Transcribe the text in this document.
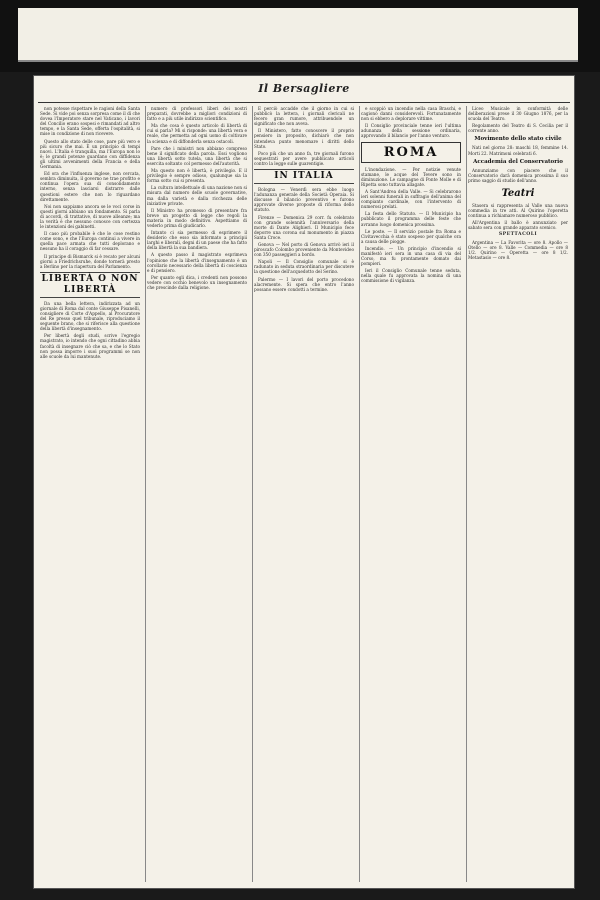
Il Bersagliere

non potesse rispettare le ragioni della Santa Sede. Si vide poi senza sorpresa come il dì che dovea l'Imperatore stare nel Vaticano, i lavori del Concilio erano sospesi e rimandati ad altro tempo, e la Santa Sede, offerta l'ospitalità, si mise in condizione di non ricevere.

Questo allo stato delle cose, pare più vero e più sicuro che mai. È un principio di tempi nuovi. L'Italia è tranquilla, ma l'Europa non lo è; le grandi potenze guardano con diffidenza gli ultimi avvenimenti della Francia e della Germania.

Ed ora che l'influenza inglese, non cercata, sembra diminuita, il governo ne trae profitto e continua l'opera sua di consolidamento interno, senza lasciarsi distrarre dalle questioni estere che non lo riguardano direttamente.

Noi non sappiamo ancora se le voci corse in questi giorni abbiano un fondamento. Si parla di accordi, di trattative, di nuove alleanze; ma la verità è che nessuno conosce con certezza le intenzioni dei gabinetti.

Il caso più probabile è che le cose restino come sono, e che l'Europa continui a vivere in quella pace armata che tutti deplorano e nessuno ha il coraggio di far cessare.

Il principe di Bismarck si è recato per alcuni giorni a Friedrichsruhe, donde tornerà presto a Berlino per la riapertura del Parlamento.

LIBERTÀ O NON LIBERTÀ

Da una bella lettera, indirizzata ad un giornale di Roma dal conte Giuseppe Pisanelli, consigliere di Corte d'Appello, al Procuratore del Re presso quel tribunale, riproduciamo il seguente brano, che si riferisce alla questione della libertà d'insegnamento.

Per libertà degli studi, scrive l'egregio magistrato, io intendo che ogni cittadino abbia facoltà di insegnare ciò che sa, e che lo Stato non possa imporre i suoi programmi se non alle scuole da lui mantenute.

numero di professori liberi dei nostri preparati, dovrebbe a migliori condizioni di fatto e a più utile indirizzo scientifico.

Ma che cosa è questo articolo di libertà di cui si parla? Mi si risponde: una libertà vera e reale, che permetta ad ogni uomo di coltivare la scienza e di diffonderla senza ostacoli.

Pare che i ministri non abbiano compreso bene il significato della parola. Essi vogliono una libertà sotto tutela, una libertà che si esercita soltanto col permesso dell'autorità.

Ma questo non è libertà, è privilegio. E il privilegio è sempre odioso, qualunque sia la forma sotto cui si presenta.

La cultura intellettuale di una nazione non si misura dal numero delle scuole governative, ma dalla varietà e dalla ricchezza delle iniziative private.

Il Ministro ha promesso di presentare fra breve un progetto di legge che regoli la materia in modo definitivo. Aspettiamo di vederlo prima di giudicarlo.

Intanto ci sia permesso di esprimere il desiderio che esso sia informato a principii larghi e liberali, degni di un paese che ha fatto della libertà la sua bandiera.

A questo passo il magistrato esprimeva l'opinione che la libertà d'insegnamento è un corollario necessario della libertà di coscienza e di pensiero.

Per quanto egli dica, i credenti non possono vedere con occhio benevolo un insegnamento che prescinde dalla religione.

E perciò accadde che il giorno in cui si pubblicò la lettera, i giornali clericali ne fecero gran rumore, attribuendole un significato che non aveva.

Il Ministero, fatto conoscere il proprio pensiero in proposito, dichiarò che non intendeva punto menomare i diritti dello Stato.

Poco più che un anno fa, tre giornali furono sequestrati per avere pubblicato articoli contro la legge sulle guarentigie.

IN ITALIA

Bologna — Venerdì sera ebbe luogo l'adunanza generale della Società Operaia. Si discusse il bilancio preventivo e furono approvate diverse proposte di riforma dello statuto.

Firenze — Domenica 29 corr. fu celebrato con grande solennità l'anniversario della morte di Dante Alighieri. Il Municipio fece deporre una corona sul monumento in piazza Santa Croce.

Genova — Nel porto di Genova arrivò ieri il piroscafo Colombo proveniente da Montevideo con 350 passeggieri a bordo.

Napoli — Il Consiglio comunale si è radunato in seduta straordinaria per discutere la questione dell'acquedotto del Serino.

Palermo — I lavori del porto procedono alacremente. Si spera che entro l'anno possano essere condotti a termine.

e scoppiò un incendio nella casa Braschi, e cagionò danni considerevoli. Fortunatamente non si ebbero a deplorare vittime.

Il Consiglio provinciale tenne ieri l'ultima adunanza della sessione ordinaria, approvando il bilancio per l'anno venturo.

ROMA

L'inondazione. — Per notizie venute stamane, le acque del Tevere sono in diminuzione. Le campagne di Ponte Molle e di Ripetta sono tuttavia allagate.

A Sant'Andrea della Valle. — Si celebrarono ieri solenni funerali in suffragio dell'anima del compianto cardinale, con l'intervento di numerosi prelati.

La festa dello Statuto. — Il Municipio ha pubblicato il programma delle feste che avranno luogo domenica prossima.

Le poste. — Il servizio postale fra Roma e Civitavecchia è stato sospeso per qualche ora a causa delle piogge.

Incendio. — Un principio d'incendio si manifestò ieri sera in una casa di via del Corso, ma fu prontamente domato dai pompieri.

Ieri il Consiglio Comunale tenne seduta, nella quale fu approvata la nomina di una commissione di vigilanza.

Liceo Musicale in conformità delle deliberazioni prese il 30 Giugno 1876, per la scuola del Teatro.

Regolamento del Teatro di S. Cecilia per il corrente anno.

Movimento dello stato civile

Nati nel giorno 28: maschi 18, femmine 14. Morti 22. Matrimoni celebrati 6.

Accademia del Conservatorio

Annunziamo con piacere che il Conservatorio darà domenica prossima il suo primo saggio di studio dell'anno.

Teatri

Stasera si rappresenta al Valle una nuova commedia in tre atti. Al Quirino l'operetta continua a richiamare numeroso pubblico.

All'Argentina il ballo è annunziato per sabato sera con grande apparato scenico.

SPETTACOLI

Argentina — La Favorita — ore 8. Apollo — Otello — ore 8. Valle — Commedia — ore 8 1/2. Quirino — Operetta — ore 8 1/2. Metastasio — ore 8.
